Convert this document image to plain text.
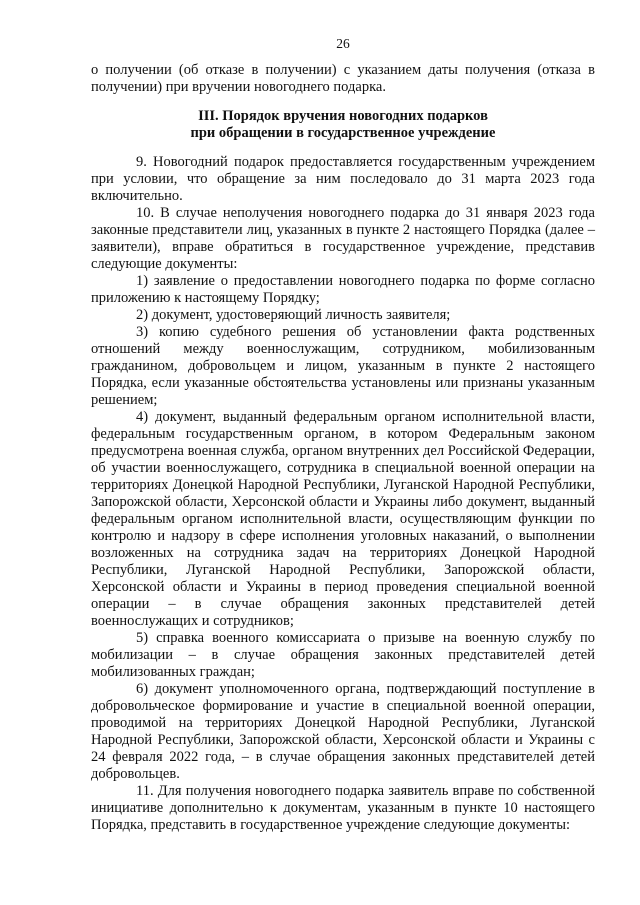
26

о получении (об отказе в получении) с указанием даты получения (отказа в получении) при вручении новогоднего подарка.

III. Порядок вручения новогодних подарков
при обращении в государственное учреждение

9. Новогодний подарок предоставляется государственным учреждением при условии, что обращение за ним последовало до 31 марта 2023 года включительно.

10. В случае неполучения новогоднего подарка до 31 января 2023 года законные представители лиц, указанных в пункте 2 настоящего Порядка (далее – заявители), вправе обратиться в государственное учреждение, представив следующие документы:

1) заявление о предоставлении новогоднего подарка по форме согласно приложению к настоящему Порядку;

2) документ, удостоверяющий личность заявителя;

3) копию судебного решения об установлении факта родственных отношений между военнослужащим, сотрудником, мобилизованным гражданином, добровольцем и лицом, указанным в пункте 2 настоящего Порядка, если указанные обстоятельства установлены или признаны указанным решением;

4) документ, выданный федеральным органом исполнительной власти, федеральным государственным органом, в котором Федеральным законом предусмотрена военная служба, органом внутренних дел Российской Федерации, об участии военнослужащего, сотрудника в специальной военной операции на территориях Донецкой Народной Республики, Луганской Народной Республики, Запорожской области, Херсонской области и Украины либо документ, выданный федеральным органом исполнительной власти, осуществляющим функции по контролю и надзору в сфере исполнения уголовных наказаний, о выполнении возложенных на сотрудника задач на территориях Донецкой Народной Республики, Луганской Народной Республики, Запорожской области, Херсонской области и Украины в период проведения специальной военной операции – в случае обращения законных представителей детей военнослужащих и сотрудников;

5) справка военного комиссариата о призыве на военную службу по мобилизации – в случае обращения законных представителей детей мобилизованных граждан;

6) документ уполномоченного органа, подтверждающий поступление в добровольческое формирование и участие в специальной военной операции, проводимой на территориях Донецкой Народной Республики, Луганской Народной Республики, Запорожской области, Херсонской области и Украины с 24 февраля 2022 года, – в случае обращения законных представителей детей добровольцев.

11. Для получения новогоднего подарка заявитель вправе по собственной инициативе дополнительно к документам, указанным в пункте 10 настоящего Порядка, представить в государственное учреждение следующие документы:
